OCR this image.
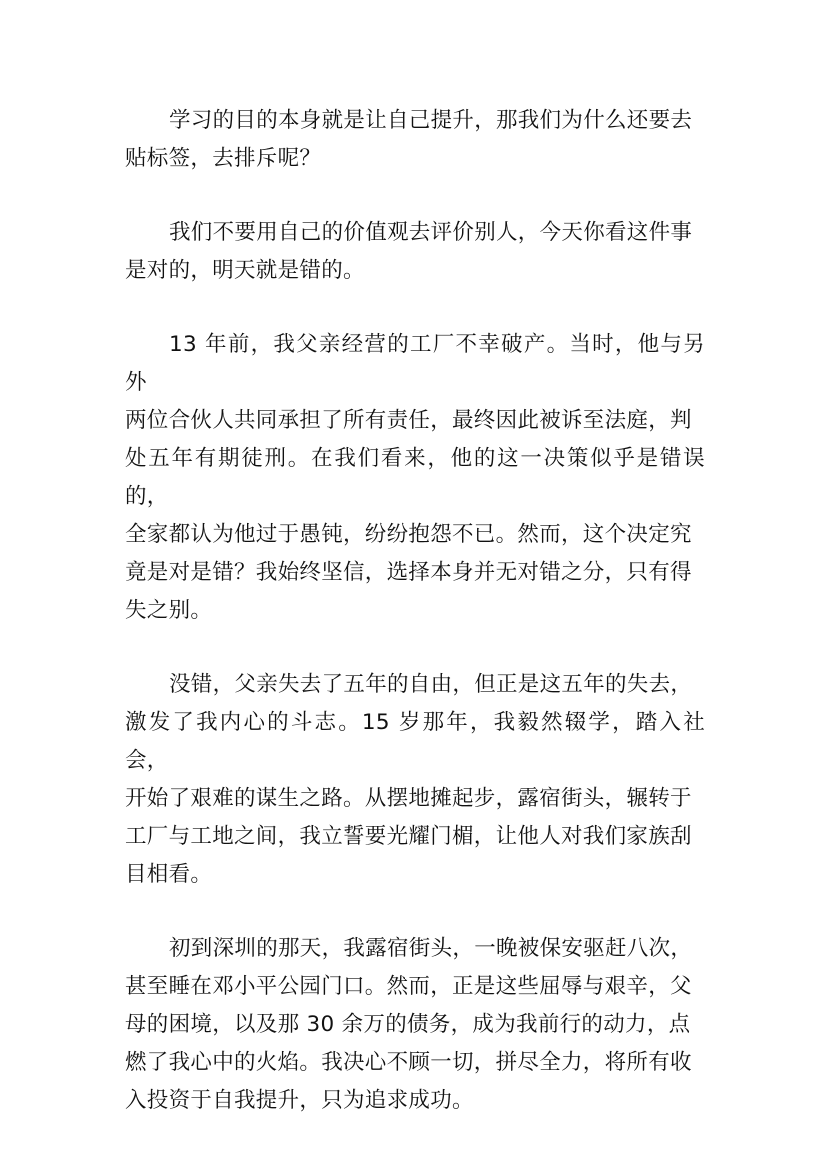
学习的目的本身就是让自己提升，那我们为什么还要去
贴标签，去排斥呢？

我们不要用自己的价值观去评价别人，今天你看这件事
是对的，明天就是错的。

13 年前，我父亲经营的工厂不幸破产。当时，他与另外
两位合伙人共同承担了所有责任，最终因此被诉至法庭，判
处五年有期徒刑。在我们看来，他的这一决策似乎是错误的，
全家都认为他过于愚钝，纷纷抱怨不已。然而，这个决定究
竟是对是错？我始终坚信，选择本身并无对错之分，只有得
失之别。

没错，父亲失去了五年的自由，但正是这五年的失去，
激发了我内心的斗志。15 岁那年，我毅然辍学，踏入社会，
开始了艰难的谋生之路。从摆地摊起步，露宿街头，辗转于
工厂与工地之间，我立誓要光耀门楣，让他人对我们家族刮
目相看。

初到深圳的那天，我露宿街头，一晚被保安驱赶八次，
甚至睡在邓小平公园门口。然而，正是这些屈辱与艰辛，父
母的困境，以及那 30 余万的债务，成为我前行的动力，点
燃了我心中的火焰。我决心不顾一切，拼尽全力，将所有收
入投资于自我提升，只为追求成功。
